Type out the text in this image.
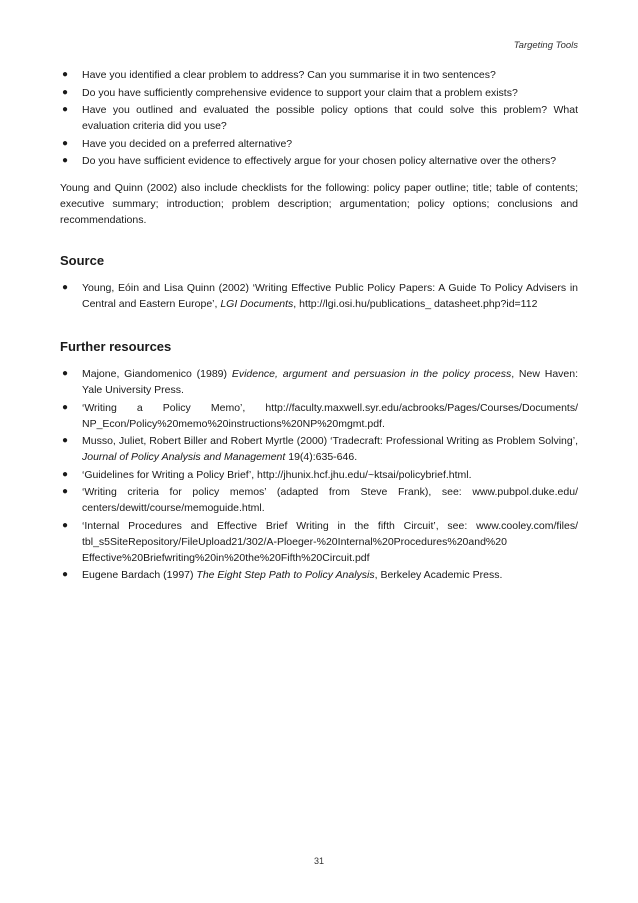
Targeting Tools
● Have you identified a clear problem to address? Can you summarise it in two sentences?
● Do you have sufficiently comprehensive evidence to support your claim that a problem exists?
● Have you outlined and evaluated the possible policy options that could solve this problem? What evaluation criteria did you use?
● Have you decided on a preferred alternative?
● Do you have sufficient evidence to effectively argue for your chosen policy alternative over the others?

Young and Quinn (2002) also include checklists for the following: policy paper outline; title; table of contents; executive summary; introduction; problem description; argumentation; policy options; conclusions and recommendations.

Source
● Young, Eóin and Lisa Quinn (2002) ‘Writing Effective Public Policy Papers: A Guide To Policy Advisers in Central and Eastern Europe’, LGI Documents, http://lgi.osi.hu/publications_ datasheet.php?id=112
Further resources
● Majone, Giandomenico (1989) Evidence, argument and persuasion in the policy process, New Haven: Yale University Press.
● ‘Writing a Policy Memo’, http://faculty.maxwell.syr.edu/acbrooks/Pages/Courses/Documents/ NP_Econ/Policy%20memo%20instructions%20NP%20mgmt.pdf.
● Musso, Juliet, Robert Biller and Robert Myrtle (2000) ‘Tradecraft: Professional Writing as Problem Solving’, Journal of Policy Analysis and Management 19(4):635-646.
● ‘Guidelines for Writing a Policy Brief’, http://jhunix.hcf.jhu.edu/~ktsai/policybrief.html.
● ‘Writing criteria for policy memos’ (adapted from Steve Frank), see: www.pubpol.duke.edu/ centers/dewitt/course/memoguide.html.
● ‘Internal Procedures and Effective Brief Writing in the fifth Circuit’, see: www.cooley.com/files/ tbl_s5SiteRepository/FileUpload21/302/A-Ploeger-%20Internal%20Procedures%20and%20 Effective%20Briefwriting%20in%20the%20Fifth%20Circuit.pdf
● Eugene Bardach (1997) The Eight Step Path to Policy Analysis, Berkeley Academic Press.
31
